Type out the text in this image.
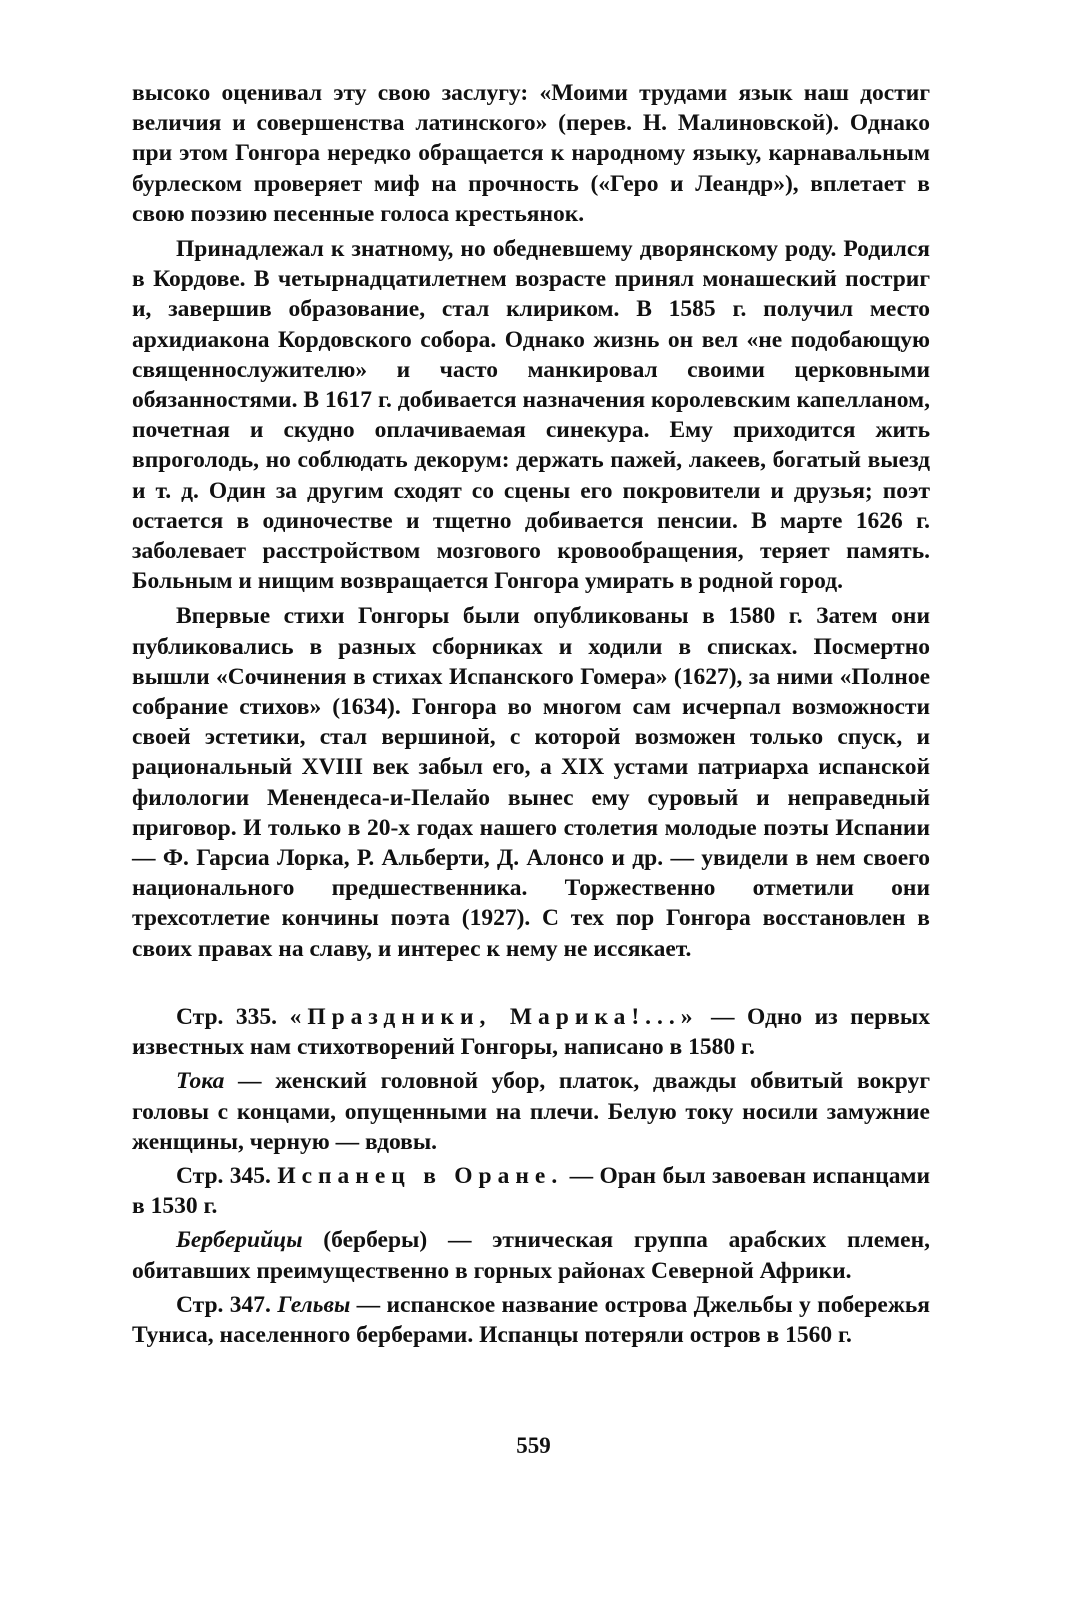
высоко оценивал эту свою заслугу: «Моими трудами язык наш достиг величия и совершенства латинского» (перев. Н. Малиновской). Однако при этом Гонгора нередко обращается к народному языку, карнавальным бурлеском проверяет миф на прочность («Геро и Леандр»), вплетает в свою поэзию песенные голоса крестьянок.

Принадлежал к знатному, но обедневшему дворянскому роду. Родился в Кордове. В четырнадцатилетнем возрасте принял монашеский постриг и, завершив образование, стал клириком. В 1585 г. получил место архидиакона Кордовского собора. Однако жизнь он вел «не подобающую священнослужителю» и часто манкировал своими церковными обязанностями. В 1617 г. добивается назначения королевским капелланом, почетная и скудно оплачиваемая синекура. Ему приходится жить впроголодь, но соблюдать декорум: держать пажей, лакеев, богатый выезд и т. д. Один за другим сходят со сцены его покровители и друзья; поэт остается в одиночестве и тщетно добивается пенсии. В марте 1626 г. заболевает расстройством мозгового кровообращения, теряет память. Больным и нищим возвращается Гонгора умирать в родной город.

Впервые стихи Гонгоры были опубликованы в 1580 г. Затем они публиковались в разных сборниках и ходили в списках. Посмертно вышли «Сочинения в стихах Испанского Гомера» (1627), за ними «Полное собрание стихов» (1634). Гонгора во многом сам исчерпал возможности своей эстетики, стал вершиной, с которой возможен только спуск, и рациональный XVIII век забыл его, а XIX устами патриарха испанской филологии Менендеса-и-Пелайо вынес ему суровый и неправедный приговор. И только в 20-х годах нашего столетия молодые поэты Испании — Ф. Гарсиа Лорка, Р. Альберти, Д. Алонсо и др. — увидели в нем своего национального предшественника. Торжественно отметили они трехсотлетие кончины поэта (1927). С тех пор Гонгора восстановлен в своих правах на славу, и интерес к нему не иссякает.

Стр. 335. «Праздники, Марика!...» — Одно из первых известных нам стихотворений Гонгоры, написано в 1580 г.

Тока — женский головной убор, платок, дважды обвитый вокруг головы с концами, опущенными на плечи. Белую току носили замужние женщины, черную — вдовы.

Стр. 345. Испанец в Оране. — Оран был завоеван испанцами в 1530 г.

Берберийцы (берберы) — этническая группа арабских племен, обитавших преимущественно в горных районах Северной Африки.

Стр. 347. Гельвы — испанское название острова Джельбы у побережья Туниса, населенного берберами. Испанцы потеряли остров в 1560 г.

559
